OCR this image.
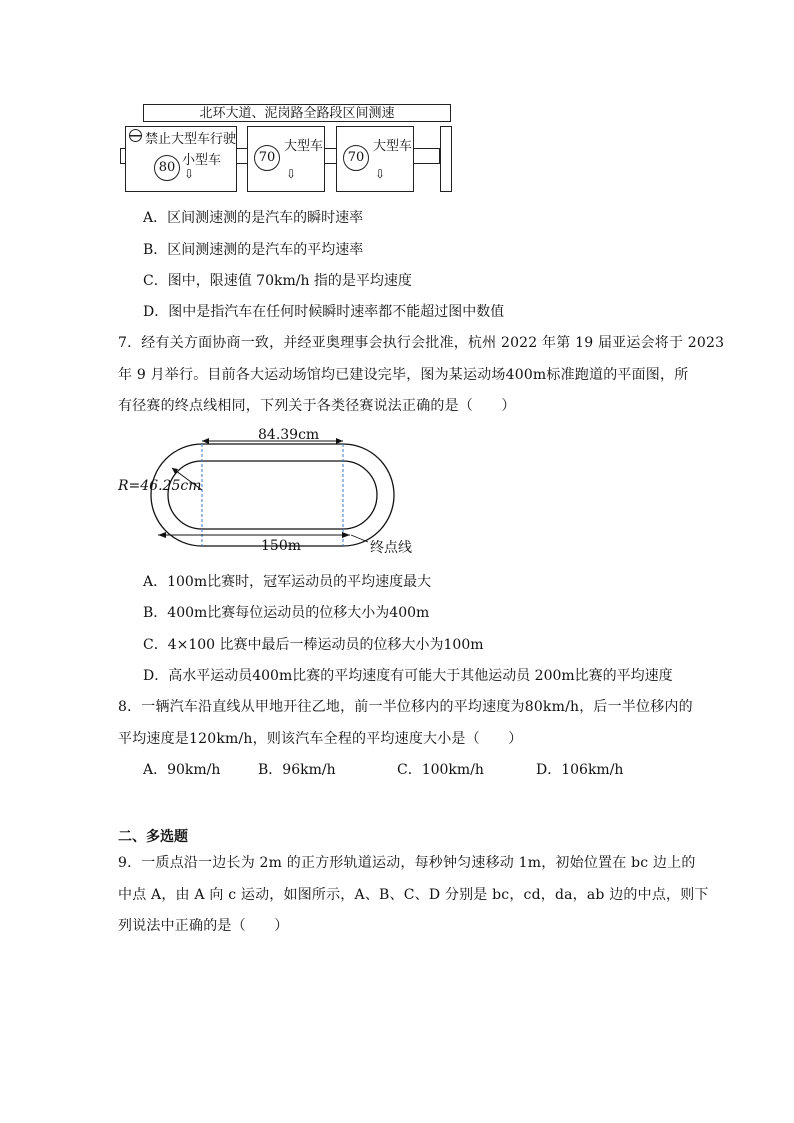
北环大道、泥岗路全路段区间测速
禁止大型车行驶
80 小型车
⇩
70
大型车
⇩
70
大型车
⇩
A．区间测速测的是汽车的瞬时速率
B．区间测速测的是汽车的平均速率
C．图中，限速值 70km/h 指的是平均速度
D．图中是指汽车在任何时候瞬时速率都不能超过图中数值
7．经有关方面协商一致，并经亚奥理事会执行会批准，杭州 2022 年第 19 届亚运会将于 2023
年 9 月举行。目前各大运动场馆均已建设完毕，图为某运动场400m标准跑道的平面图，所
有径赛的终点线相同，下列关于各类径赛说法正确的是（　　）
84.39cm
R=46.25cm
150m	终点线
A．100m比赛时，冠军运动员的平均速度最大
B．400m比赛每位运动员的位移大小为400m
C．4×100 比赛中最后一棒运动员的位移大小为100m
D．高水平运动员400m比赛的平均速度有可能大于其他运动员 200m比赛的平均速度
8．一辆汽车沿直线从甲地开往乙地，前一半位移内的平均速度为80km/h，后一半位移内的
平均速度是120km/h，则该汽车全程的平均速度大小是（　　）
A．90km/h	B．96km/h	C．100km/h	D．106km/h
二、多选题
9．一质点沿一边长为 2m 的正方形轨道运动，每秒钟匀速移动 1m，初始位置在 bc 边上的
中点 A，由 A 向 c 运动，如图所示，A、B、C、D 分别是 bc，cd，da，ab 边的中点，则下
列说法中正确的是（　　）
